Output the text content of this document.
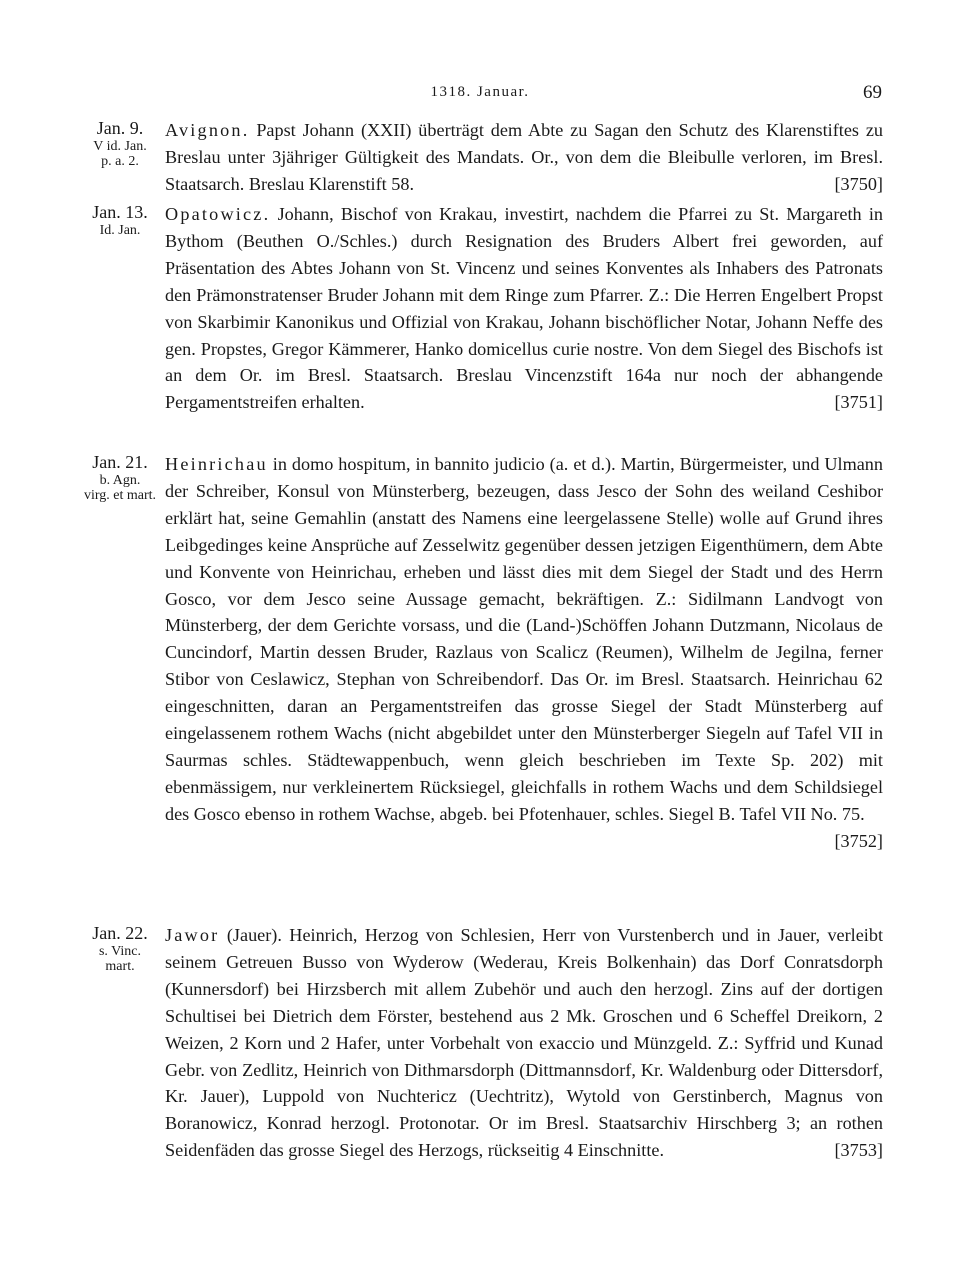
1318. Januar.	69
Jan. 9.
V id. Jan.
p. a. 2.
Avignon. Papst Johann (XXII) überträgt dem Abte zu Sagan den Schutz des Klarenstiftes zu Breslau unter 3jähriger Gültigkeit des Mandats. Or., von dem die Bleibulle verloren, im Bresl. Staatsarch. Breslau Klarenstift 58.	[3750]
Jan. 13.
Id. Jan.
Opatowicz. Johann, Bischof von Krakau, investirt, nachdem die Pfarrei zu St. Margareth in Bythom (Beuthen O./Schles.) durch Resignation des Bruders Albert frei geworden, auf Präsentation des Abtes Johann von St. Vincenz und seines Konventes als Inhabers des Patronats den Prämonstratenser Bruder Johann mit dem Ringe zum Pfarrer. Z.: Die Herren Engelbert Propst von Skarbimir Kanonikus und Offizial von Krakau, Johann bischöflicher Notar, Johann Neffe des gen. Propstes, Gregor Kämmerer, Hanko domicellus curie nostre. Von dem Siegel des Bischofs ist an dem Or. im Bresl. Staatsarch. Breslau Vincenzstift 164a nur noch der abhangende Pergamentstreifen erhalten.	[3751]
Jan. 21.
b. Agn.
virg. et mart.
Heinrichau in domo hospitum, in bannito judicio (a. et d.). Martin, Bürgermeister, und Ulmann der Schreiber, Konsul von Münsterberg, bezeugen, dass Jesco der Sohn des weiland Ceshibor erklärt hat, seine Gemahlin (anstatt des Namens eine leergelassene Stelle) wolle auf Grund ihres Leibgedinges keine Ansprüche auf Zesselwitz gegenüber dessen jetzigen Eigenthümern, dem Abte und Konvente von Heinrichau, erheben und lässt dies mit dem Siegel der Stadt und des Herrn Gosco, vor dem Jesco seine Aussage gemacht, bekräftigen. Z.: Sidilmann Landvogt von Münsterberg, der dem Gerichte vorsass, und die (Land-)Schöffen Johann Dutzmann, Nicolaus de Cuncindorf, Martin dessen Bruder, Razlaus von Scalicz (Reumen), Wilhelm de Jegilna, ferner Stibor von Ceslawicz, Stephan von Schreibendorf. Das Or. im Bresl. Staatsarch. Heinrichau 62 eingeschnitten, daran an Pergamentstreifen das grosse Siegel der Stadt Münsterberg auf eingelassenem rothem Wachs (nicht abgebildet unter den Münsterberger Siegeln auf Tafel VII in Saurmas schles. Städtewappenbuch, wenn gleich beschrieben im Texte Sp. 202) mit ebenmässigem, nur verkleinertem Rücksiegel, gleichfalls in rothem Wachs und dem Schildsiegel des Gosco ebenso in rothem Wachse, abgeb. bei Pfotenhauer, schles. Siegel B. Tafel VII No. 75.
[3752]
Jan. 22.
s. Vinc.
mart.
Jawor (Jauer). Heinrich, Herzog von Schlesien, Herr von Vurstenberch und in Jauer, verleibt seinem Getreuen Busso von Wyderow (Wederau, Kreis Bolkenhain) das Dorf Conratsdorph (Kunnersdorf) bei Hirzsberch mit allem Zubehör und auch den herzogl. Zins auf der dortigen Schultisei bei Dietrich dem Förster, bestehend aus 2 Mk. Groschen und 6 Scheffel Dreikorn, 2 Weizen, 2 Korn und 2 Hafer, unter Vorbehalt von exaccio und Münzgeld. Z.: Syffrid und Kunad Gebr. von Zedlitz, Heinrich von Dithmarsdorph (Dittmannsdorf, Kr. Waldenburg oder Dittersdorf, Kr. Jauer), Luppold von Nuchtericz (Uechtritz), Wytold von Gerstinberch, Magnus von Boranowicz, Konrad herzogl. Protonotar. Or im Bresl. Staatsarchiv Hirschberg 3; an rothen Seidenfäden das grosse Siegel des Herzogs, rückseitig 4 Einschnitte.	[3753]
